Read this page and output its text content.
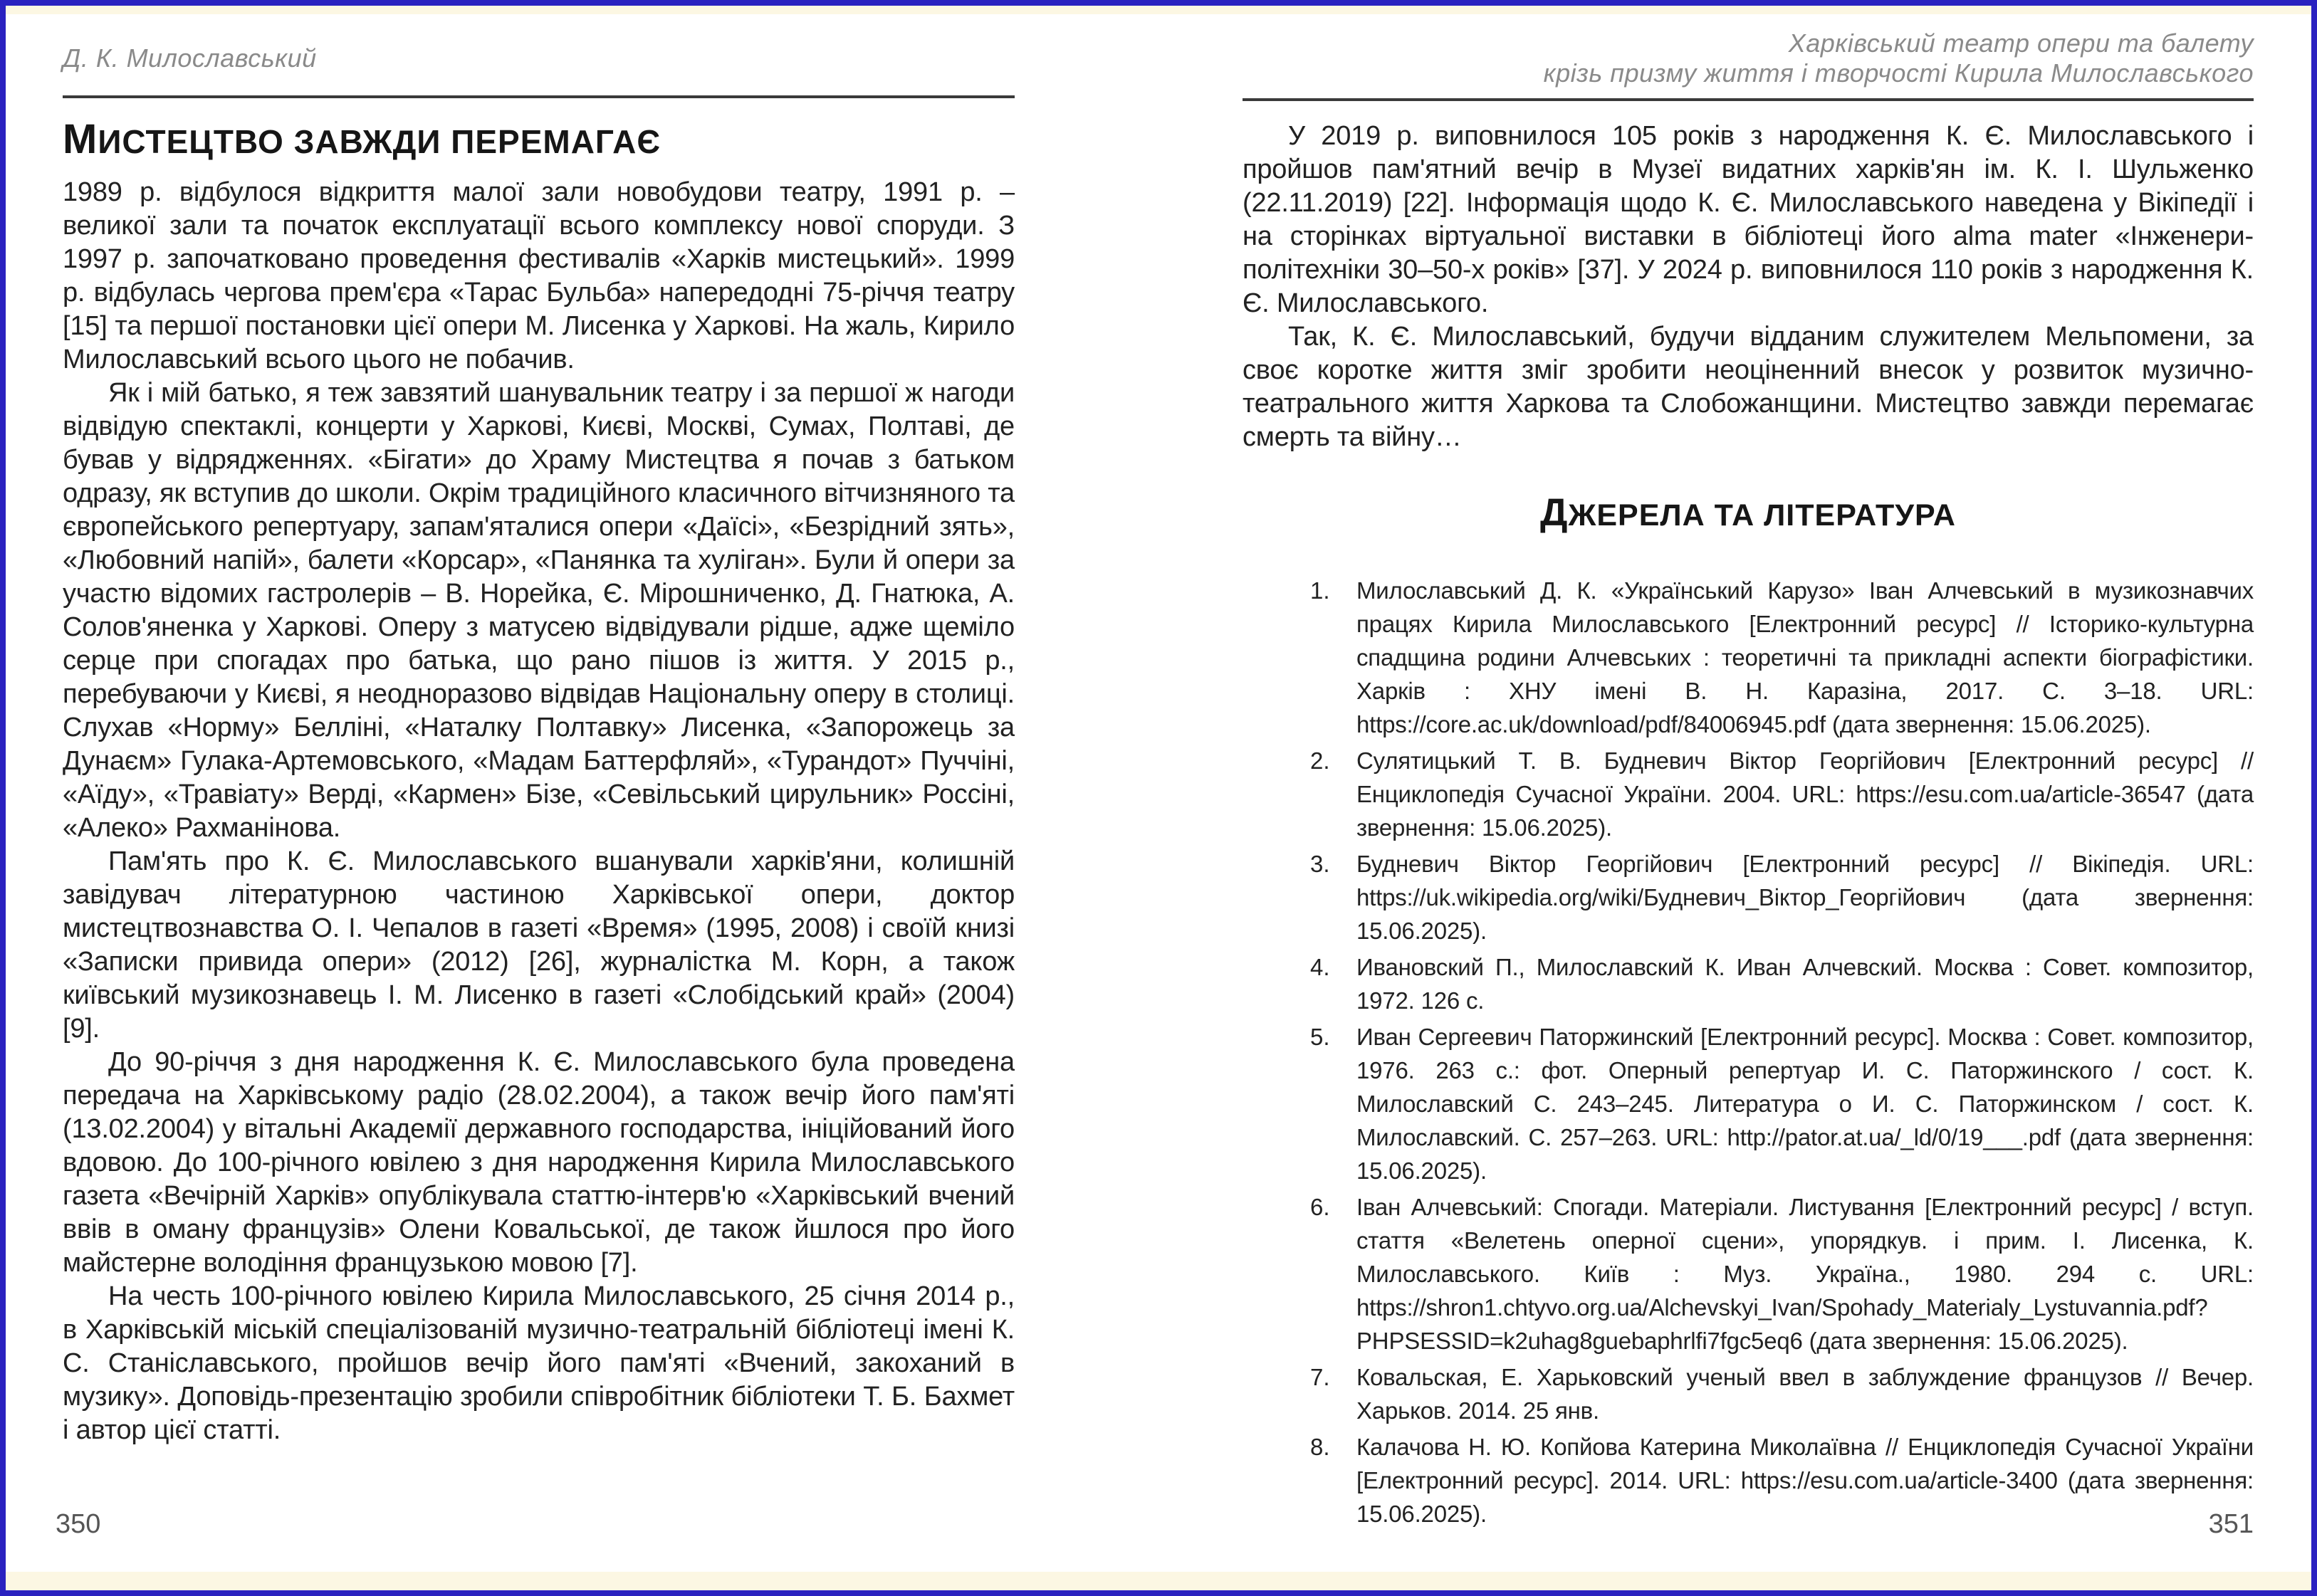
Д. К. Милославський
МИСТЕЦТВО ЗАВЖДИ ПЕРЕМАГАЄ

1989 р. відбулося відкриття малої зали новобудови театру, 1991 р. – великої зали та початок експлуатації всього комплексу нової споруди. З 1997 р. започатковано проведення фестивалів «Харків мистецький». 1999 р. відбулась чергова прем'єра «Тарас Бульба» напередодні 75-річчя театру [15] та першої постановки цієї опери М. Лисенка у Харкові. На жаль, Кирило Милославський всього цього не побачив.

Як і мій батько, я теж завзятий шанувальник театру і за першої ж нагоди відвідую спектаклі, концерти у Харкові, Києві, Москві, Сумах, Полтаві, де бував у відрядженнях. «Бігати» до Храму Мистецтва я почав з батьком одразу, як вступив до школи. Окрім традиційного класичного вітчизняного та європейського репертуару, запам'яталися опери «Даїсі», «Безрідний зять», «Любовний напій», балети «Корсар», «Панянка та хуліган». Були й опери за участю відомих гастролерів – В. Норейка, Є. Мірошниченко, Д. Гнатюка, А. Солов'яненка у Харкові. Оперу з матусею відвідували рідше, адже щеміло серце при спогадах про батька, що рано пішов із життя. У 2015 р., перебуваючи у Києві, я неодноразово відвідав Національну оперу в столиці. Слухав «Норму» Белліні, «Наталку Полтавку» Лисенка, «Запорожець за Дунаєм» Гулака-Артемовського, «Мадам Баттерфляй», «Турандот» Пуччіні, «Аїду», «Травіату» Верді, «Кармен» Бізе, «Севільський цирульник» Россіні, «Алеко» Рахманінова.

Пам'ять про К. Є. Милославського вшанували харків'яни, колишній завідувач літературною частиною Харківської опери, доктор мистецтвознавства О. І. Чепалов в газеті «Время» (1995, 2008) і своїй книзі «Записки привида опери» (2012) [26], журналістка М. Корн, а також київський музикознавець І. М. Лисенко в газеті «Слобідський край» (2004) [9].

До 90-річчя з дня народження К. Є. Милославського була проведена передача на Харківському радіо (28.02.2004), а також вечір його пам'яті (13.02.2004) у вітальні Академії державного господарства, ініційований його вдовою. До 100-річного ювілею з дня народження Кирила Милославського газета «Вечірній Харків» опублікувала статтю-інтерв'ю «Харківський вчений ввів в оману французів» Олени Ковальської, де також йшлося про його майстерне володіння французькою мовою [7].

На честь 100-річного ювілею Кирила Милославського, 25 січня 2014 р., в Харківській міській спеціалізованій музично-театральній бібліотеці імені К. С. Станіславського, пройшов вечір його пам'яті «Вчений, закоханий в музику». Доповідь-презентацію зробили співробітник бібліотеки Т. Б. Бахмет і автор цієї статті.

Харківський театр опери та балету
крізь призму життя і творчості Кирила Милославського

У 2019 р. виповнилося 105 років з народження К. Є. Милославського і пройшов пам'ятний вечір в Музеї видатних харків'ян ім. К. І. Шульженко (22.11.2019) [22]. Інформація щодо К. Є. Милославського наведена у Вікіпедії і на сторінках віртуальної виставки в бібліотеці його alma mater «Інженери-політехніки 30–50-х років» [37]. У 2024 р. виповнилося 110 років з народження К. Є. Милославського.

Так, К. Є. Милославський, будучи відданим служителем Мельпомени, за своє коротке життя зміг зробити неоціненний внесок у розвиток музично-театрального життя Харкова та Слобожанщини. Мистецтво завжди перемагає смерть та війну…

ДЖЕРЕЛА ТА ЛІТЕРАТУРА
1.	Милославський Д. К. «Український Карузо» Іван Алчевський в музикознавчих працях Кирила Милославського [Електронний ресурс] // Історико-культурна спадщина родини Алчевських : теоретичні та прикладні аспекти біографістики. Харків : ХНУ імені В. Н. Каразіна, 2017. С. 3–18. URL: https://core.ac.uk/download/pdf/84006945.pdf (дата звернення: 15.06.2025).
2.	Сулятицький Т. В. Будневич Віктор Георгійович [Електронний ресурс] // Енциклопедія Сучасної України. 2004. URL: https://esu.com.ua/article-36547 (дата звернення: 15.06.2025).
3.	Будневич Віктор Георгійович [Електронний ресурс] // Вікіпедія. URL: https://uk.wikipedia.org/wiki/Будневич_Віктор_Георгійович (дата звернення: 15.06.2025).
4.	Ивановский П., Милославский К. Иван Алчевский. Москва : Совет. композитор, 1972. 126 с.
5.	Иван Сергеевич Паторжинский [Електронний ресурс]. Москва : Совет. композитор, 1976. 263 с.: фот. Оперный репертуар И. С. Паторжинского / сост. К. Милославский С. 243–245. Литература о И. С. Паторжинском / сост. К. Милославский. С. 257–263. URL: http://pator.at.ua/_ld/0/19___.pdf (дата звернення: 15.06.2025).
6.	Іван Алчевський: Спогади. Матеріали. Листування [Електронний ресурс] / вступ. стаття «Велетень оперної сцени», упорядкув. і прим. І. Лисенка, К. Милославського. Київ : Муз. Україна., 1980. 294 с. URL: https://shron1.chtyvo.org.ua/Alchevskyi_Ivan/Spohady_Materialy_Lystuvannia.pdf?PHPSESSID=k2uhag8guebaphrlfi7fgc5eq6 (дата звернення: 15.06.2025).
7.	Ковальская, Е. Харьковский ученый ввел в заблуждение французов // Вечер. Харьков. 2014. 25 янв.
8.	Калачова Н. Ю. Копйова Катерина Миколаївна // Енциклопедія Сучасної України [Електронний ресурс]. 2014. URL: https://esu.com.ua/article-3400 (дата звернення: 15.06.2025).
350	351
